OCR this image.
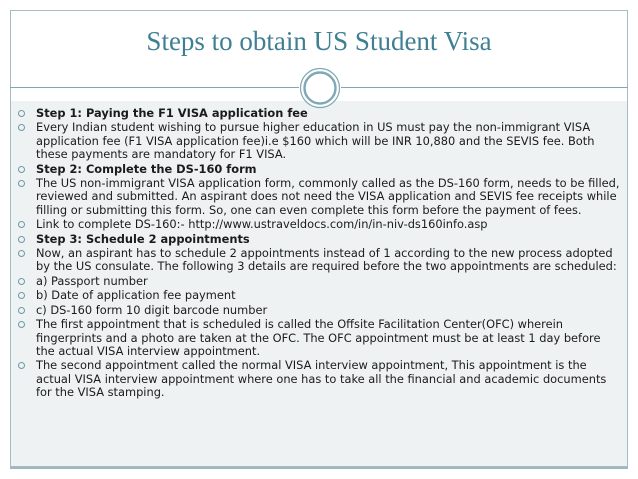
Steps to obtain US Student Visa
Step 1: Paying the F1 VISA application fee
Every Indian student wishing to pursue higher education in US must pay the non-immigrant VISA application fee (F1 VISA application fee)i.e $160 which will be INR 10,880 and the SEVIS fee. Both these payments are mandatory for F1 VISA.
Step 2: Complete the DS-160 form
The US non-immigrant VISA application form, commonly called as the DS-160 form, needs to be filled, reviewed and submitted. An aspirant does not need the VISA application and SEVIS fee receipts while filling or submitting this form. So, one can even complete this form before the payment of fees.
Link to complete DS-160:- http://www.ustraveldocs.com/in/in-niv-ds160info.asp
Step 3: Schedule 2 appointments
Now, an aspirant has to schedule 2 appointments instead of 1 according to the new process adopted by the US consulate. The following 3 details are required before the two appointments are scheduled:
a) Passport number
b) Date of application fee payment
c) DS-160 form 10 digit barcode number
The first appointment that is scheduled is called the Offsite Facilitation Center(OFC) wherein fingerprints and a photo are taken at the OFC. The OFC appointment must be at least 1 day before the actual VISA interview appointment.
The second appointment called the normal VISA interview appointment, This appointment is the actual VISA interview appointment where one has to take all the financial and academic documents for the VISA stamping.
